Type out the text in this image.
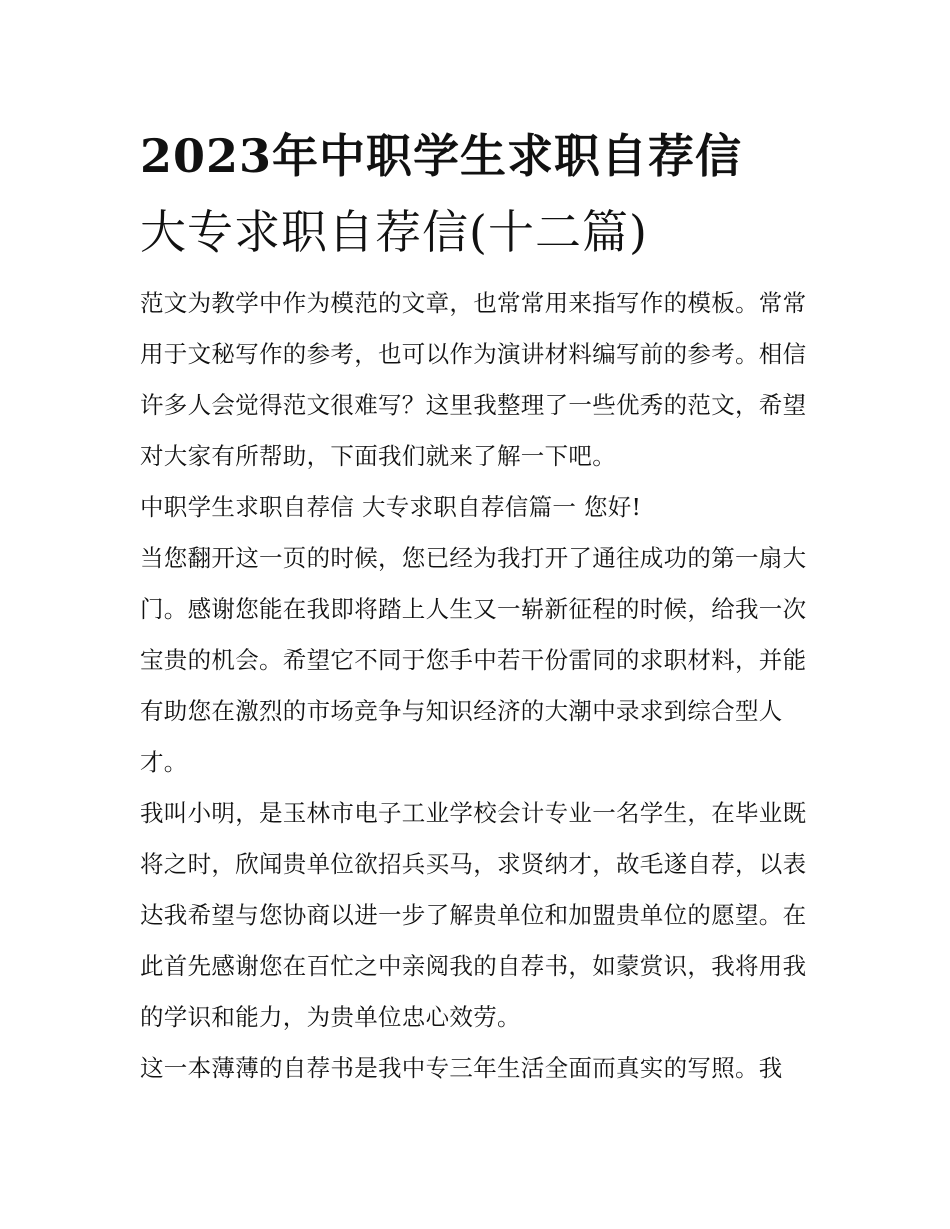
2023年中职学生求职自荐信
大专求职自荐信(十二篇)

范文为教学中作为模范的文章，也常常用来指写作的模板。常常用于文秘写作的参考，也可以作为演讲材料编写前的参考。相信许多人会觉得范文很难写？这里我整理了一些优秀的范文，希望对大家有所帮助，下面我们就来了解一下吧。

中职学生求职自荐信 大专求职自荐信篇一 您好!

当您翻开这一页的时候，您已经为我打开了通往成功的第一扇大门。感谢您能在我即将踏上人生又一崭新征程的时候，给我一次宝贵的机会。希望它不同于您手中若干份雷同的求职材料，并能有助您在激烈的市场竞争与知识经济的大潮中录求到综合型人才。

我叫小明，是玉林市电子工业学校会计专业一名学生，在毕业既将之时，欣闻贵单位欲招兵买马，求贤纳才，故毛遂自荐，以表达我希望与您协商以进一步了解贵单位和加盟贵单位的愿望。在此首先感谢您在百忙之中亲阅我的自荐书，如蒙赏识，我将用我的学识和能力，为贵单位忠心效劳。

这一本薄薄的自荐书是我中专三年生活全面而真实的写照。我
